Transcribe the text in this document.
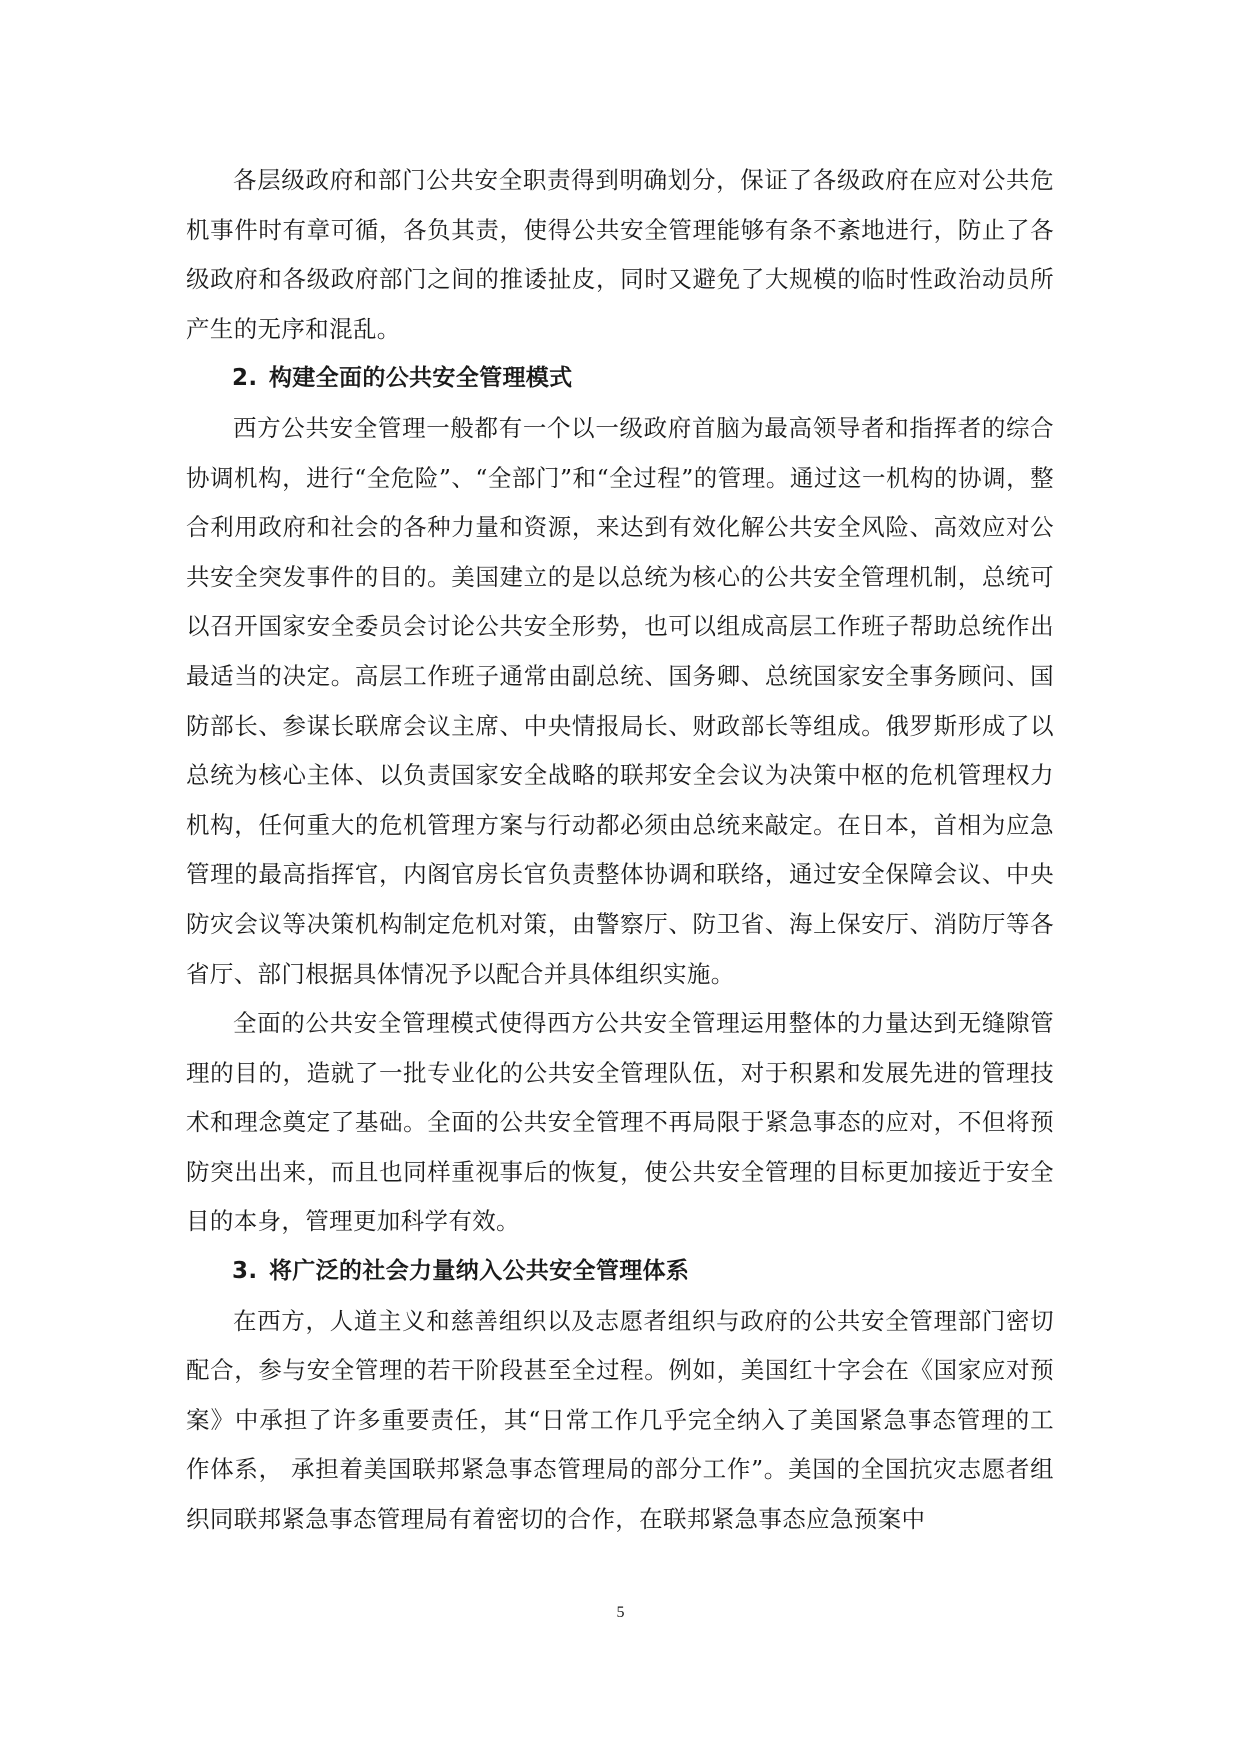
各层级政府和部门公共安全职责得到明确划分，保证了各级政府在应对公共危机事件时有章可循，各负其责，使得公共安全管理能够有条不紊地进行，防止了各级政府和各级政府部门之间的推诿扯皮，同时又避免了大规模的临时性政治动员所产生的无序和混乱。

2. 构建全面的公共安全管理模式

西方公共安全管理一般都有一个以一级政府首脑为最高领导者和指挥者的综合协调机构，进行“全危险”、“全部门”和“全过程”的管理。通过这一机构的协调，整合利用政府和社会的各种力量和资源，来达到有效化解公共安全风险、高效应对公共安全突发事件的目的。美国建立的是以总统为核心的公共安全管理机制，总统可以召开国家安全委员会讨论公共安全形势，也可以组成高层工作班子帮助总统作出最适当的决定。高层工作班子通常由副总统、国务卿、总统国家安全事务顾问、国防部长、参谋长联席会议主席、中央情报局长、财政部长等组成。俄罗斯形成了以总统为核心主体、以负责国家安全战略的联邦安全会议为决策中枢的危机管理权力机构，任何重大的危机管理方案与行动都必须由总统来敲定。在日本，首相为应急管理的最高指挥官，内阁官房长官负责整体协调和联络，通过安全保障会议、中央防灾会议等决策机构制定危机对策，由警察厅、防卫省、海上保安厅、消防厅等各省厅、部门根据具体情况予以配合并具体组织实施。

全面的公共安全管理模式使得西方公共安全管理运用整体的力量达到无缝隙管理的目的，造就了一批专业化的公共安全管理队伍，对于积累和发展先进的管理技术和理念奠定了基础。全面的公共安全管理不再局限于紧急事态的应对，不但将预防突出出来，而且也同样重视事后的恢复，使公共安全管理的目标更加接近于安全目的本身，管理更加科学有效。

3. 将广泛的社会力量纳入公共安全管理体系

在西方，人道主义和慈善组织以及志愿者组织与政府的公共安全管理部门密切配合，参与安全管理的若干阶段甚至全过程。例如，美国红十字会在《国家应对预案》中承担了许多重要责任，其“日常工作几乎完全纳入了美国紧急事态管理的工作体系， 承担着美国联邦紧急事态管理局的部分工作”。美国的全国抗灾志愿者组织同联邦紧急事态管理局有着密切的合作，在联邦紧急事态应急预案中

5
